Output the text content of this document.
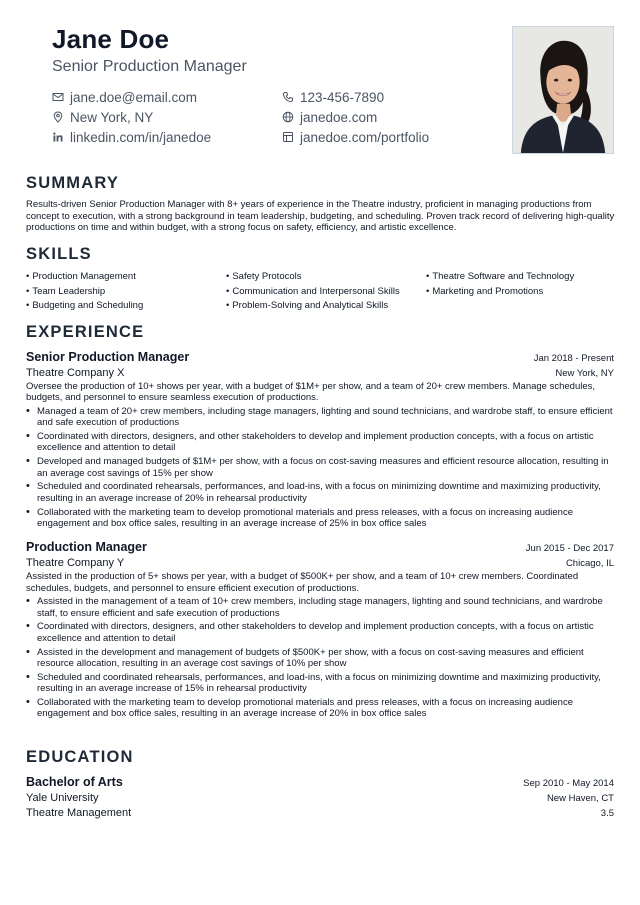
Jane Doe
Senior Production Manager
jane.doe@email.com	123-456-7890
New York, NY	janedoe.com
linkedin.com/in/janedoe	janedoe.com/portfolio
SUMMARY
Results-driven Senior Production Manager with 8+ years of experience in the Theatre industry, proficient in managing productions from concept to execution, with a strong background in team leadership, budgeting, and scheduling. Proven track record of delivering high-quality productions on time and within budget, with a strong focus on safety, efficiency, and artistic excellence.
SKILLS
• Production Management	• Safety Protocols	• Theatre Software and Technology
• Team Leadership	• Communication and Interpersonal Skills	• Marketing and Promotions
• Budgeting and Scheduling	• Problem-Solving and Analytical Skills
EXPERIENCE
Senior Production Manager	Jan 2018 - Present
Theatre Company X	New York, NY
Oversee the production of 10+ shows per year, with a budget of $1M+ per show, and a team of 20+ crew members. Manage schedules, budgets, and personnel to ensure seamless execution of productions.
• Managed a team of 20+ crew members, including stage managers, lighting and sound technicians, and wardrobe staff, to ensure efficient and safe execution of productions
• Coordinated with directors, designers, and other stakeholders to develop and implement production concepts, with a focus on artistic excellence and attention to detail
• Developed and managed budgets of $1M+ per show, with a focus on cost-saving measures and efficient resource allocation, resulting in an average cost savings of 15% per show
• Scheduled and coordinated rehearsals, performances, and load-ins, with a focus on minimizing downtime and maximizing productivity, resulting in an average increase of 20% in rehearsal productivity
• Collaborated with the marketing team to develop promotional materials and press releases, with a focus on increasing audience engagement and box office sales, resulting in an average increase of 25% in box office sales
Production Manager	Jun 2015 - Dec 2017
Theatre Company Y	Chicago, IL
Assisted in the production of 5+ shows per year, with a budget of $500K+ per show, and a team of 10+ crew members. Coordinated schedules, budgets, and personnel to ensure efficient execution of productions.
• Assisted in the management of a team of 10+ crew members, including stage managers, lighting and sound technicians, and wardrobe staff, to ensure efficient and safe execution of productions
• Coordinated with directors, designers, and other stakeholders to develop and implement production concepts, with a focus on artistic excellence and attention to detail
• Assisted in the development and management of budgets of $500K+ per show, with a focus on cost-saving measures and efficient resource allocation, resulting in an average cost savings of 10% per show
• Scheduled and coordinated rehearsals, performances, and load-ins, with a focus on minimizing downtime and maximizing productivity, resulting in an average increase of 15% in rehearsal productivity
• Collaborated with the marketing team to develop promotional materials and press releases, with a focus on increasing audience engagement and box office sales, resulting in an average increase of 20% in box office sales
EDUCATION
Bachelor of Arts	Sep 2010 - May 2014
Yale University	New Haven, CT
Theatre Management	3.5
